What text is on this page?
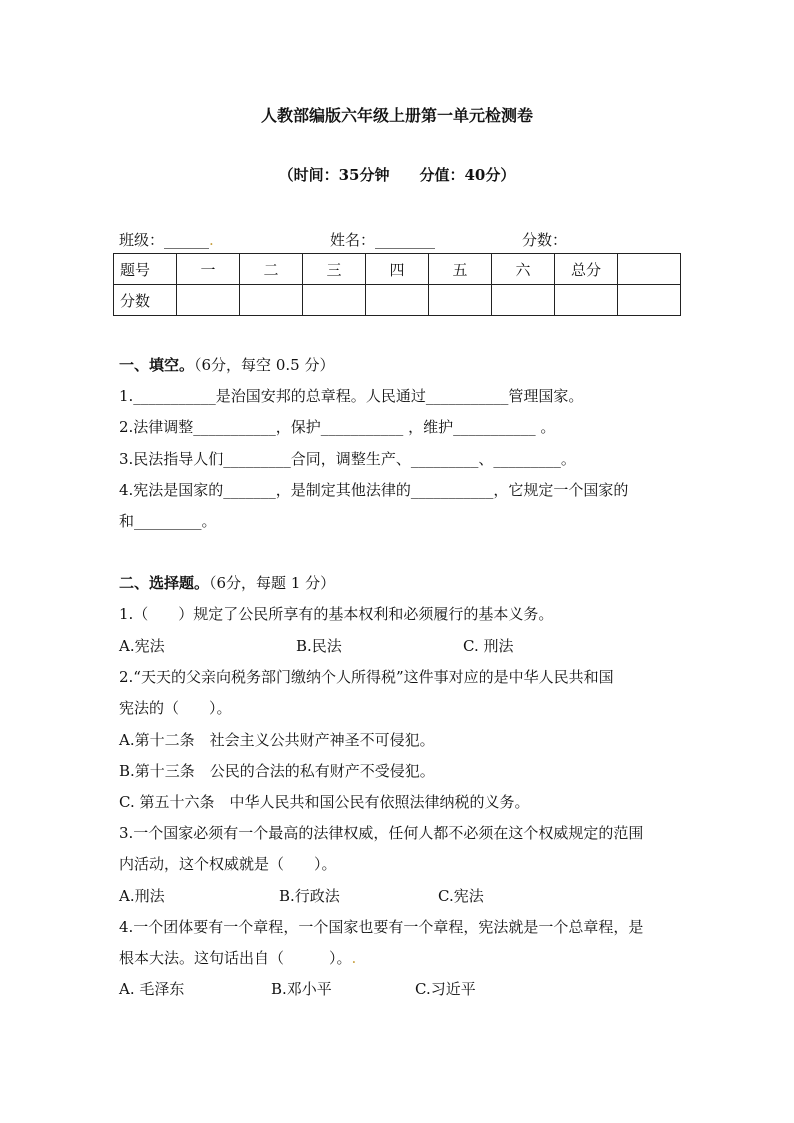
人教部编版六年级上册第一单元检测卷
（时间：35分钟　　分值：40分）
班级：______.	姓名：________	分数：
题号	一	二	三	四	五	六	总分	
分数								
一、填空。（6分，每空 0.5 分）
1.___________是治国安邦的总章程。人民通过___________管理国家。
2.法律调整___________，保护___________ ，维护___________ 。
3.民法指导人们_________合同，调整生产、_________、_________。
4.宪法是国家的_______，是制定其他法律的___________，它规定一个国家的
和_________。
二、选择题。（6分，每题 1 分）
1.（　　）规定了公民所享有的基本权利和必须履行的基本义务。
A.宪法	B.民法	C. 刑法
2.“天天的父亲向税务部门缴纳个人所得税”这件事对应的是中华人民共和国
宪法的（　　）。
A.第十二条　社会主义公共财产神圣不可侵犯。
B.第十三条　公民的合法的私有财产不受侵犯。
C. 第五十六条　中华人民共和国公民有依照法律纳税的义务。
3.一个国家必须有一个最高的法律权威，任何人都不必须在这个权威规定的范围
内活动，这个权威就是（　　）。
A.刑法	B.行政法	C.宪法
4.一个团体要有一个章程，一个国家也要有一个章程，宪法就是一个总章程，是
根本大法。这句话出自（　　　）。.
A. 毛泽东	B.邓小平	C.习近平
